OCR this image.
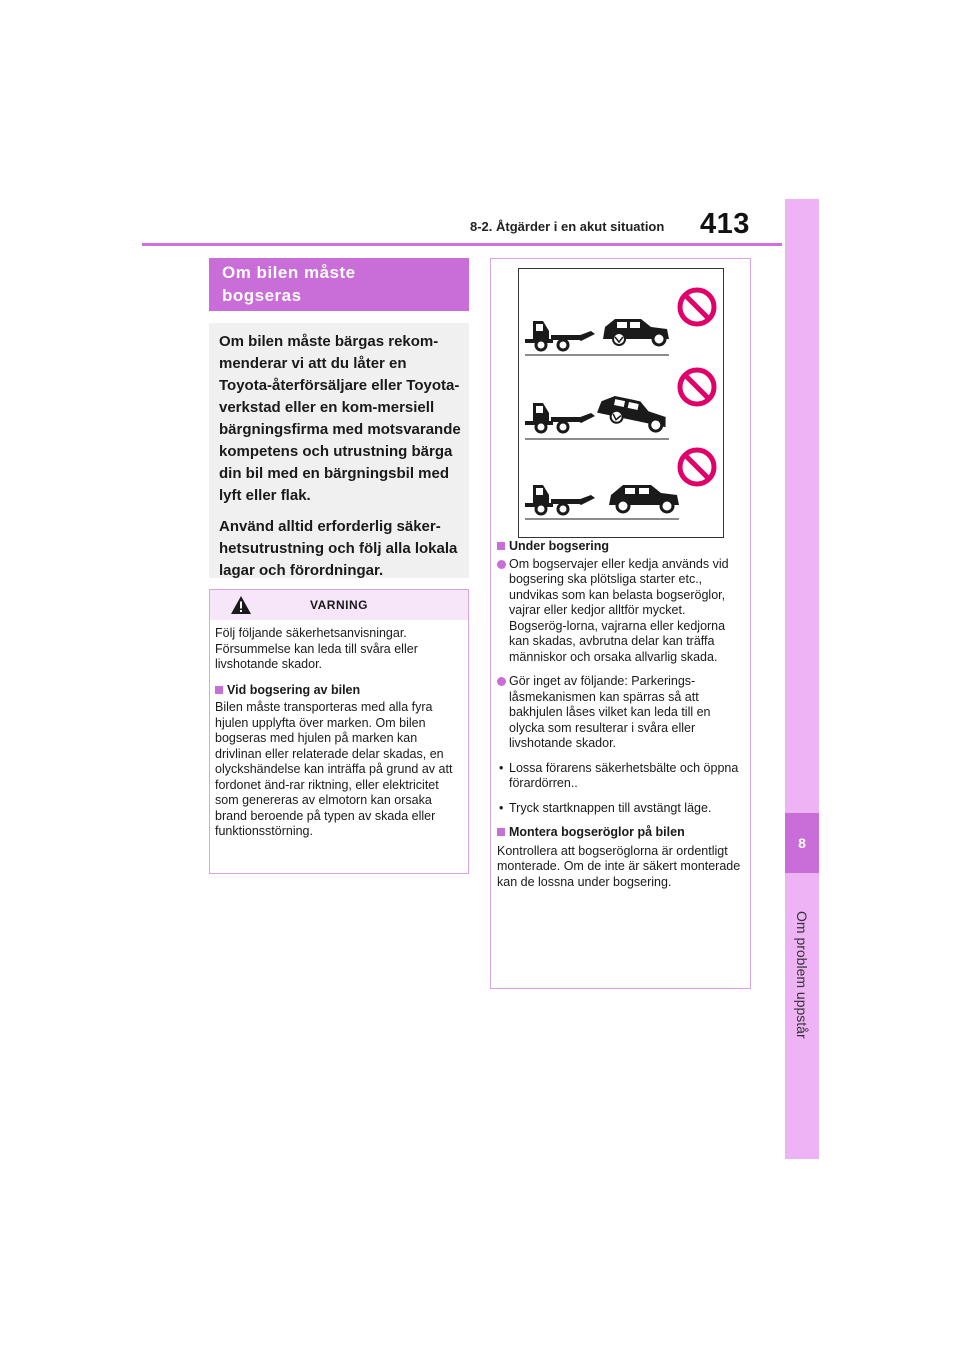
8-2. Åtgärder i en akut situation 413
8
Om problem uppstår
Om bilen måste
bogseras

Om bilen måste bärgas rekom-menderar vi att du låter en Toyota-återförsäljare eller Toyota-verkstad eller en kom-mersiell bärgningsfirma med motsvarande kompetens och utrustning bärga din bil med en bärgningsbil med lyft eller flak.

Använd alltid erforderlig säker-hetsutrustning och följ alla lokala lagar och förordningar.

VARNING

Följ följande säkerhetsanvisningar. Försummelse kan leda till svåra eller livshotande skador.

Vid bogsering av bilen

Bilen måste transporteras med alla fyra hjulen upplyfta över marken. Om bilen bogseras med hjulen på marken kan drivlinan eller relaterade delar skadas, en olyckshändelse kan inträffa på grund av att fordonet änd-rar riktning, eller elektricitet som genereras av elmotorn kan orsaka brand beroende på typen av skada eller funktionsstörning.

Under bogsering

Om bogservajer eller kedja används vid bogsering ska plötsliga starter etc., undvikas som kan belasta bogseröglor, vajrar eller kedjor alltför mycket. Bogserög-lorna, vajrarna eller kedjorna kan skadas, avbrutna delar kan träffa människor och orsaka allvarlig skada.

Gör inget av följande: Parkerings-låsmekanismen kan spärras så att bakhjulen låses vilket kan leda till en olycka som resulterar i svåra eller livshotande skador.

• Lossa förarens säkerhetsbälte och öppna förardörren..

• Tryck startknappen till avstängt läge.

Montera bogseröglor på bilen

Kontrollera att bogseröglorna är ordentligt monterade. Om de inte är säkert monterade kan de lossna under bogsering.
